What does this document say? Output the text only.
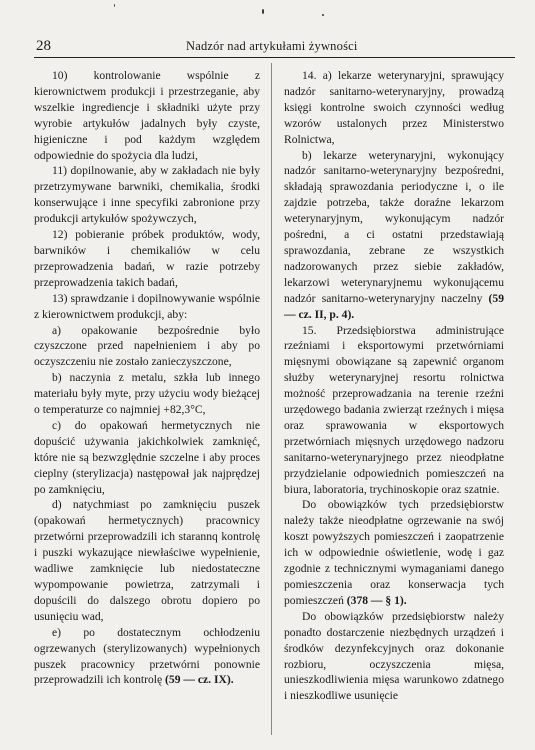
28	Nadzór nad artykułami żywności

10) kontrolowanie wspólnie z kierownictwem produkcji i przestrzeganie, aby wszelkie ingrediencje i składniki użyte przy wyrobie artykułów jadalnych były czyste, higieniczne i pod każdym względem odpowiednie do spożycia dla ludzi,

11) dopilnowanie, aby w zakładach nie były przetrzymywane barwniki, chemikalia, środki konserwujące i inne specyfiki zabronione przy produkcji artykułów spożywczych,

12) pobieranie próbek produktów, wody, barwników i chemikaliów w celu przeprowadzenia badań, w razie potrzeby przeprowadzenia takich badań,

13) sprawdzanie i dopilnowywanie wspólnie z kierownictwem produkcji, aby:

a) opakowanie bezpośrednie było czyszczone przed napełnieniem i aby po oczyszczeniu nie zostało zanieczyszczone,

b) naczynia z metalu, szkła lub innego materiału były myte, przy użyciu wody bieżącej o temperaturze co najmniej +82,3°C,

c) do opakowań hermetycznych nie dopuścić używania jakichkolwiek zamknięć, które nie są bezwzględnie szczelne i aby proces cieplny (sterylizacja) następował jak najprędzej po zamknięciu,

d) natychmiast po zamknięciu puszek (opakowań hermetycznych) pracownicy przetwórni przeprowadzili ich starannq kontrolę i puszki wykazujące niewłaściwe wypełnienie, wadliwe zamknięcie lub niedostateczne wypompowanie powietrza, zatrzymali i dopuścili do dalszego obrotu dopiero po usunięciu wad,

e) po dostatecznym ochłodzeniu ogrzewanych (sterylizowanych) wypełnionych puszek pracownicy przetwórni ponownie przeprowadzili ich kontrolę (59 — cz. IX).

14. a) lekarze weterynaryjni, sprawujący nadzór sanitarno-weterynaryjny, prowadzą księgi kontrolne swoich czynności według wzorów ustalonych przez Ministerstwo Rolnictwa,

b) lekarze weterynaryjni, wykonujący nadzór sanitarno-weterynaryjny bezpośredni, składają sprawozdania periodyczne i, o ile zajdzie potrzeba, także doraźne lekarzom weterynaryjnym, wykonującym nadzór pośredni, a ci ostatni przedstawiają sprawozdania, zebrane ze wszystkich nadzorowanych przez siebie zakładów, lekarzowi weterynaryjnemu wykonującemu nadzór sanitarno-weterynaryjny naczelny (59 — cz. II, p. 4).

15. Przedsiębiorstwa administrujące rzeźniami i eksportowymi przetwórniami mięsnymi obowiązane są zapewnić organom służby weterynaryjnej resortu rolnictwa możność przeprowadzania na terenie rzeźni urzędowego badania zwierząt rzeźnych i mięsa oraz sprawowania w eksportowych przetwórniach mięsnych urzędowego nadzoru sanitarno-weterynaryjnego przez nieodpłatne przydzielanie odpowiednich pomieszczeń na biura, laboratoria, trychinoskopie oraz szatnie.

Do obowiązków tych przedsiębiorstw należy także nieodpłatne ogrzewanie na swój koszt powyższych pomieszczeń i zaopatrzenie ich w odpowiednie oświetlenie, wodę i gaz zgodnie z technicznymi wymaganiami danego pomieszczenia oraz konserwacja tych pomieszczeń (378 — § 1).

Do obowiązków przedsiębiorstw należy ponadto dostarczenie niezbędnych urządzeń i środków dezynfekcyjnych oraz dokonanie rozbioru, oczyszczenia mięsa, unieszkodliwienia mięsa warunkowo zdatnego i nieszkodliwe usunięcie
